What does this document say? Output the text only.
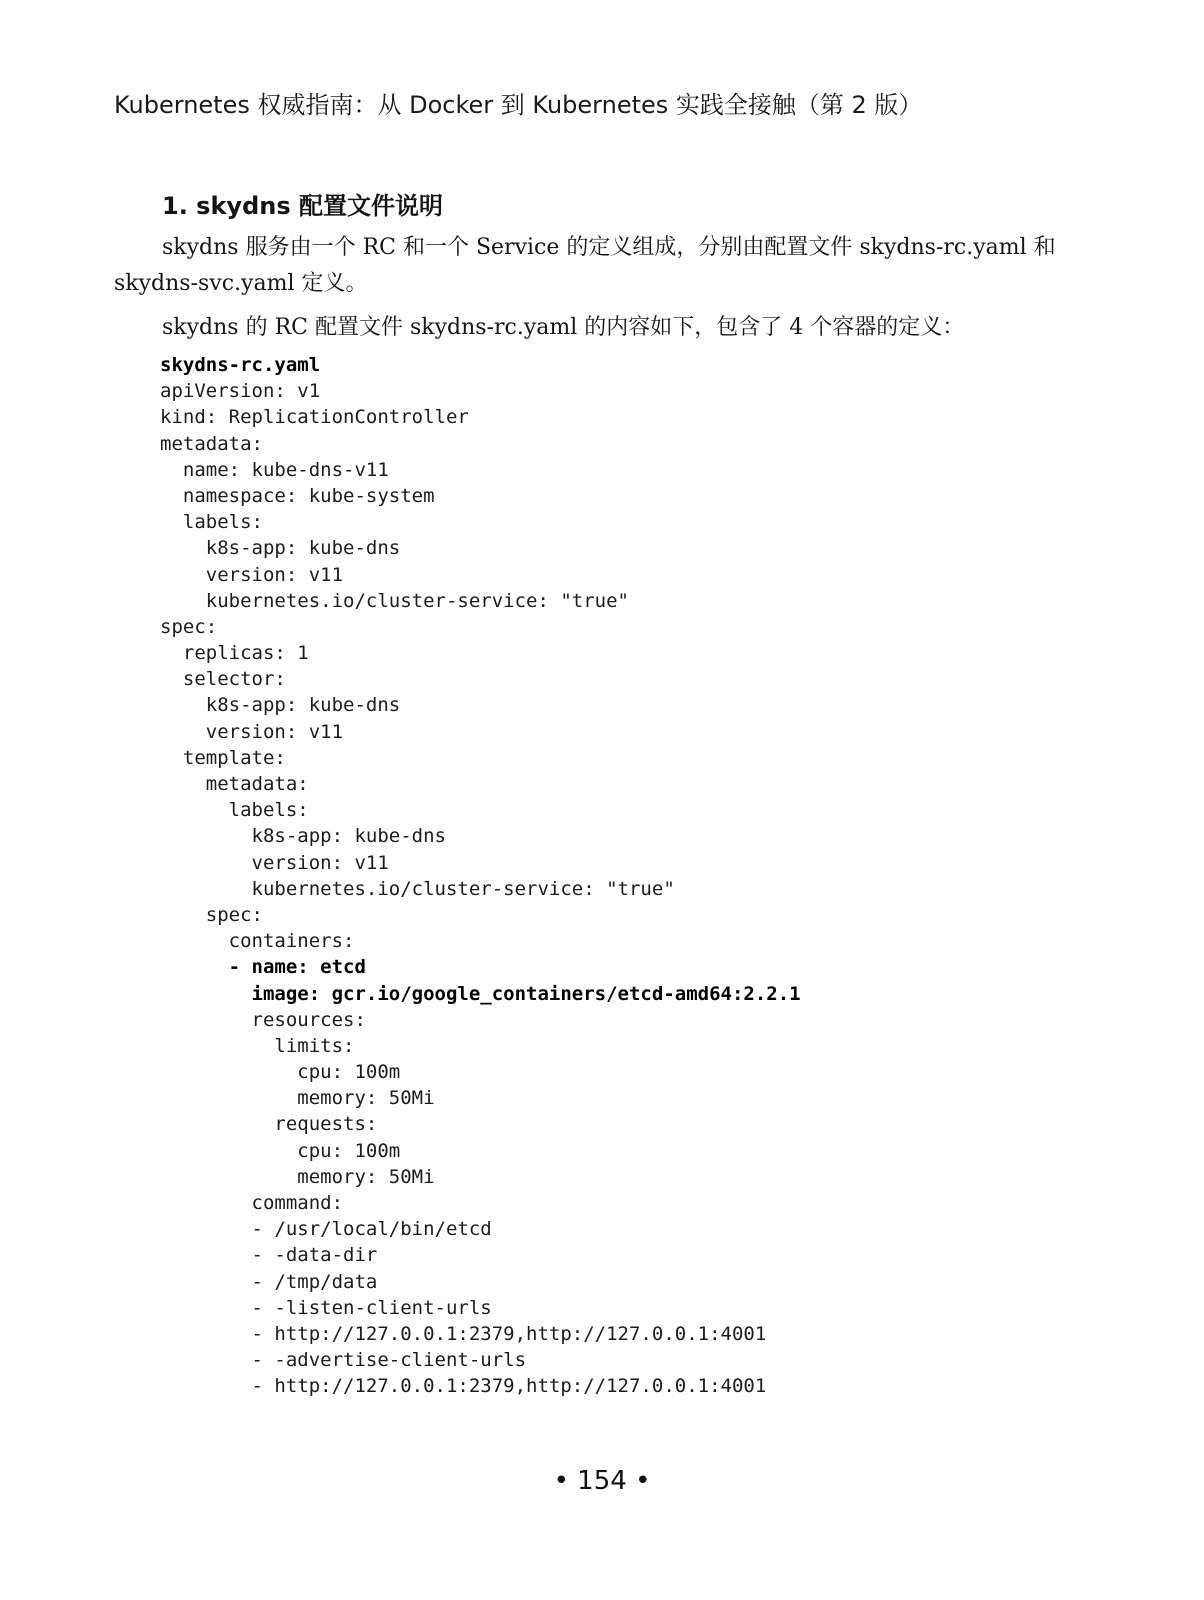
Kubernetes 权威指南：从 Docker 到 Kubernetes 实践全接触（第 2 版）
1. skydns 配置文件说明
skydns 服务由一个 RC 和一个 Service 的定义组成，分别由配置文件 skydns-rc.yaml 和 skydns-svc.yaml 定义。
skydns 的 RC 配置文件 skydns-rc.yaml 的内容如下，包含了 4 个容器的定义：
skydns-rc.yaml
apiVersion: v1
kind: ReplicationController
metadata:
name: kube-dns-v11
namespace: kube-system
labels:
k8s-app: kube-dns
version: v11
kubernetes.io/cluster-service: "true"
spec:
replicas: 1
selector:
k8s-app: kube-dns
version: v11
template:
metadata:
labels:
k8s-app: kube-dns
version: v11
kubernetes.io/cluster-service: "true"
spec:
containers:
- name: etcd
image: gcr.io/google_containers/etcd-amd64:2.2.1
resources:
limits:
cpu: 100m
memory: 50Mi
requests:
cpu: 100m
memory: 50Mi
command:
- /usr/local/bin/etcd
- -data-dir
- /tmp/data
- -listen-client-urls
- http://127.0.0.1:2379,http://127.0.0.1:4001
- -advertise-client-urls
- http://127.0.0.1:2379,http://127.0.0.1:4001
• 154 •
